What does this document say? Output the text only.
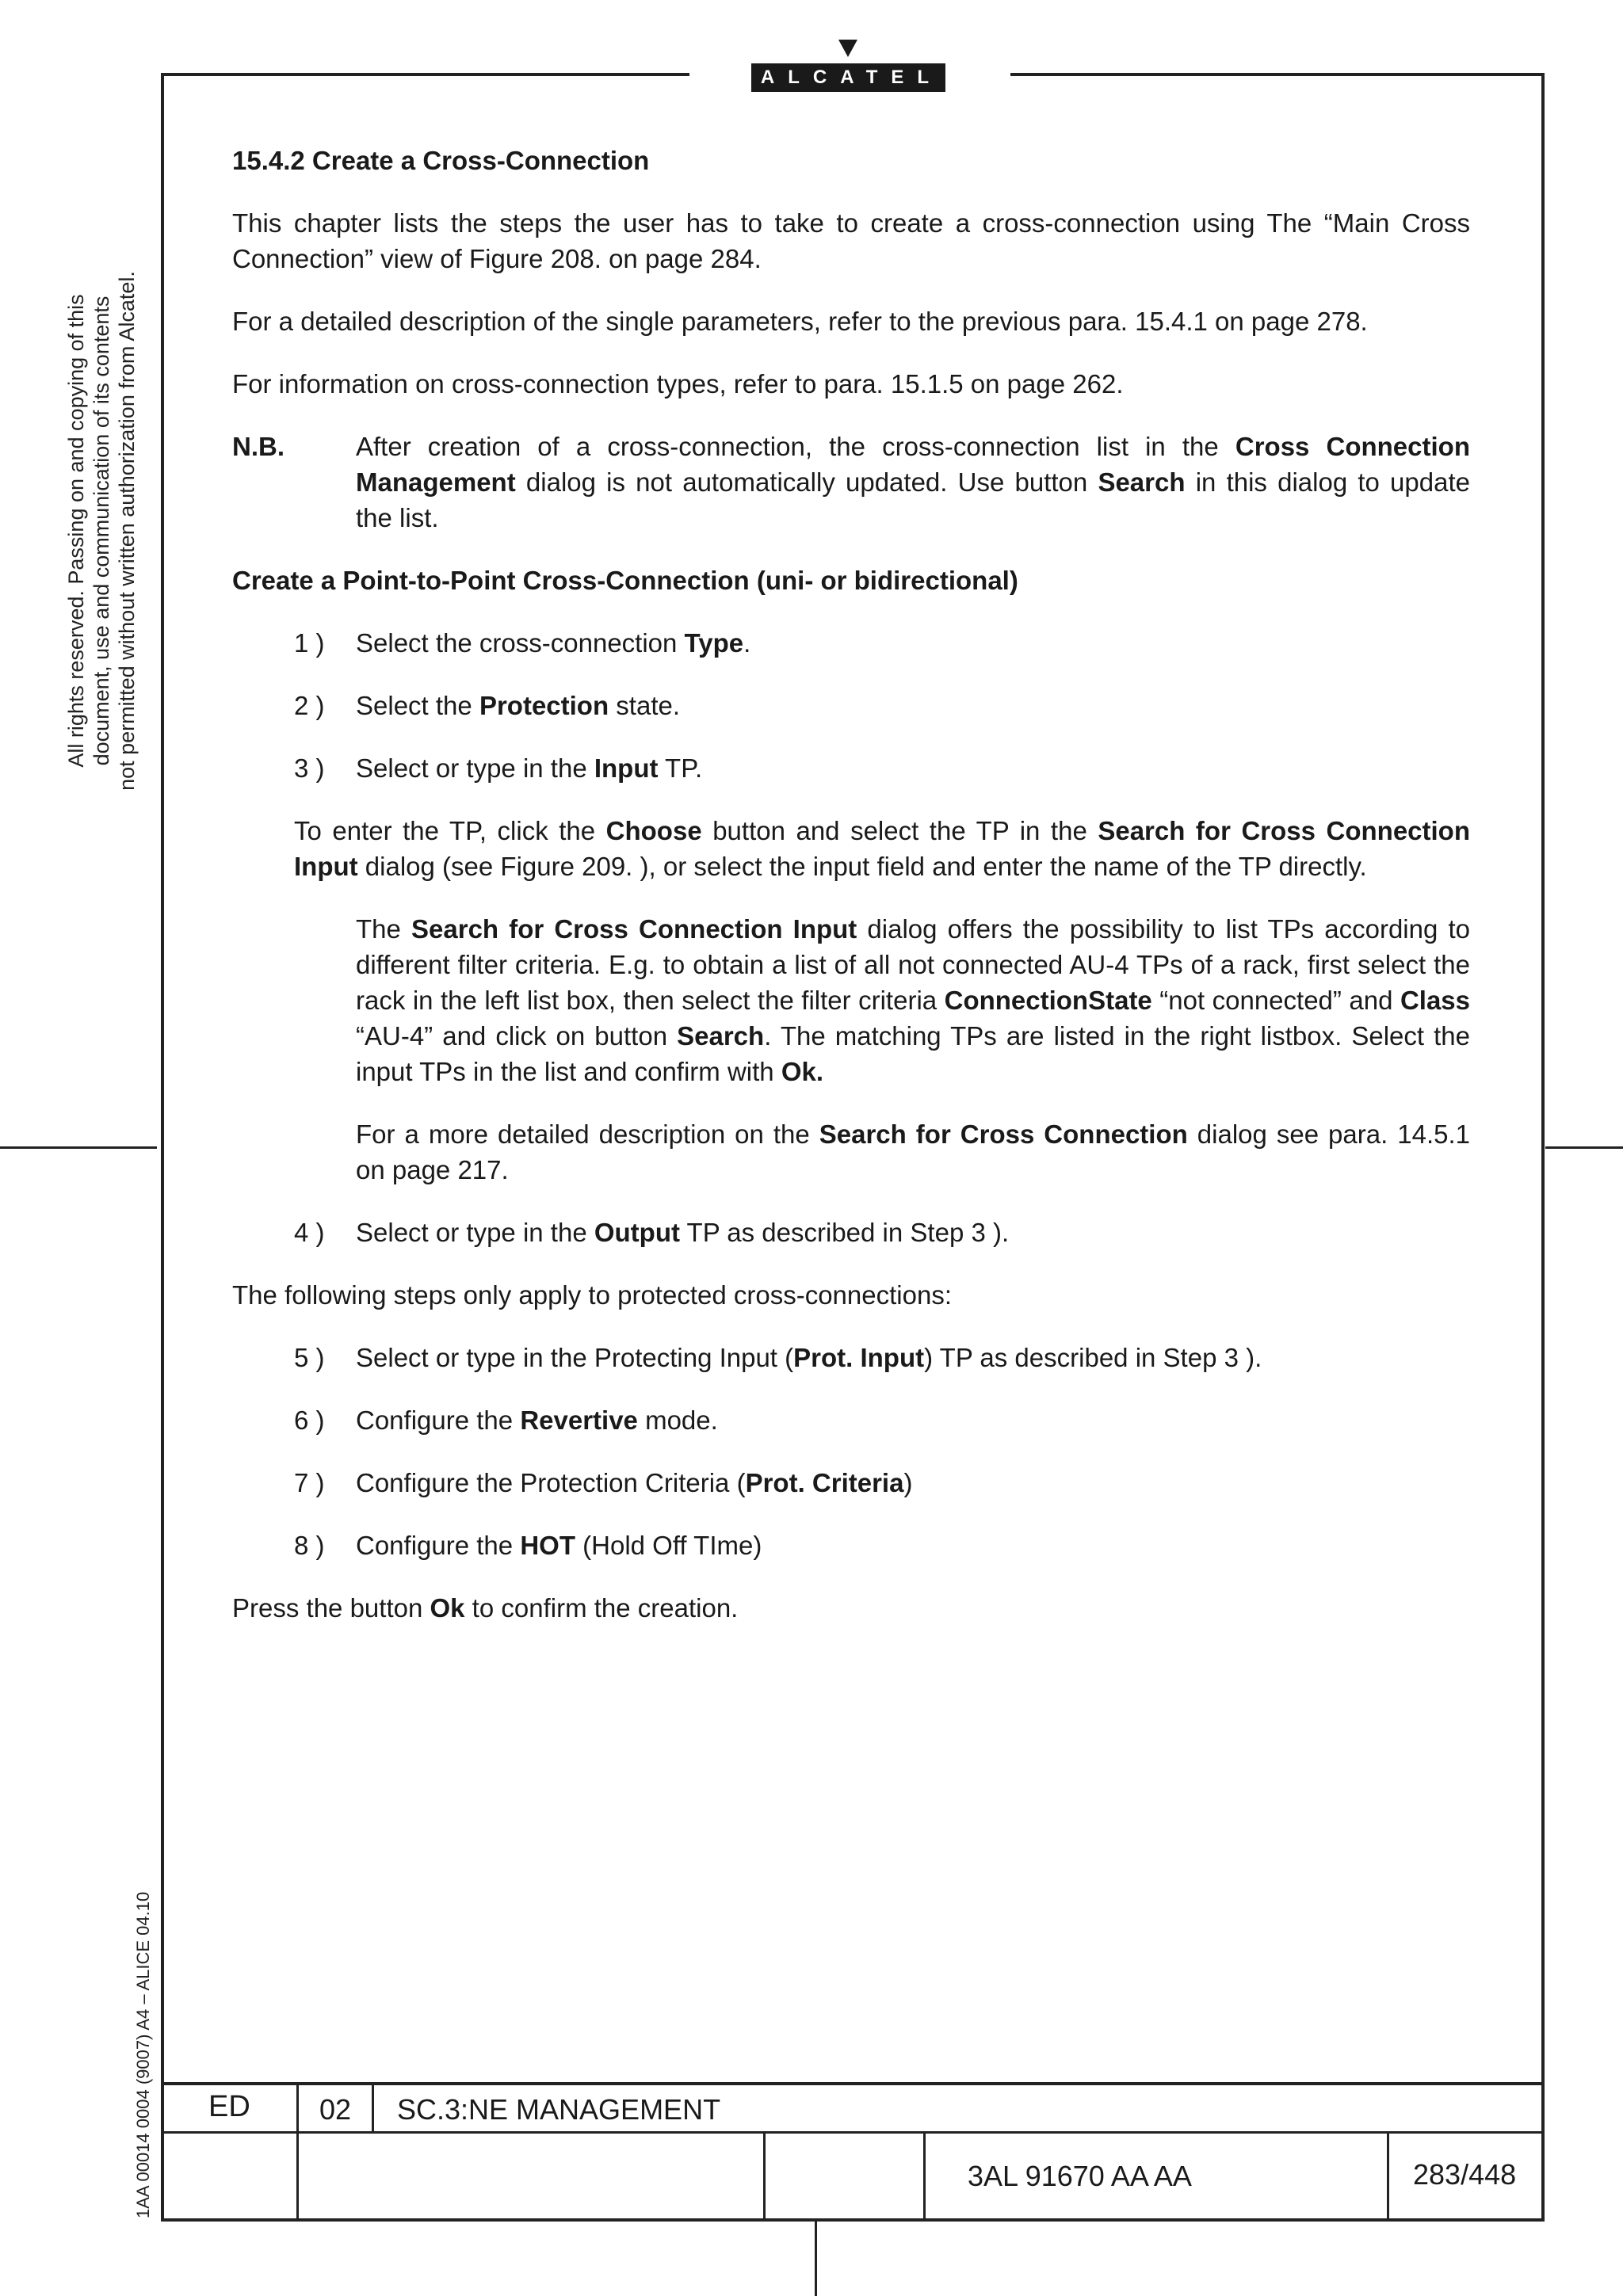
ALCATEL
All rights reserved. Passing on and copying of this document, use and communication of its contents not permitted without written authorization from Alcatel.
1AA 00014 0004 (9007) A4 – ALICE 04.10

15.4.2 Create a Cross-Connection

This chapter lists the steps the user has to take to create a cross-connection using The “Main Cross Connection” view of Figure 208. on page 284.

For a detailed description of the single parameters, refer to the previous para. 15.4.1 on page 278.

For information on cross-connection types, refer to para. 15.1.5 on page 262.

N.B.	After creation of a cross-connection, the cross-connection list in the Cross Connection Management dialog is not automatically updated. Use button Search in this dialog to update the list.

Create a Point-to-Point Cross-Connection (uni- or bidirectional)

1 ) Select the cross-connection Type.

2 ) Select the Protection state.

3 ) Select or type in the Input TP.

To enter the TP, click the Choose button and select the TP in the Search for Cross Connection Input dialog (see Figure 209. ), or select the input field and enter the name of the TP directly.

The Search for Cross Connection Input dialog offers the possibility to list TPs according to different filter criteria. E.g. to obtain a list of all not connected AU-4 TPs of a rack, first select the rack in the left list box, then select the filter criteria ConnectionState “not connected” and Class “AU-4” and click on button Search. The matching TPs are listed in the right listbox. Select the input TPs in the list and confirm with Ok.

For a more detailed description on the Search for Cross Connection dialog see para. 14.5.1 on page 217.

4 ) Select or type in the Output TP as described in Step 3 ).

The following steps only apply to protected cross-connections:

5 ) Select or type in the Protecting Input (Prot. Input) TP as described in Step 3 ).

6 ) Configure the Revertive mode.

7 ) Configure the Protection Criteria (Prot. Criteria)

8 ) Configure the HOT (Hold Off TIme)

Press the button Ok to confirm the creation.

ED 02 SC.3:NE MANAGEMENT
3AL 91670 AA AA	283/448
